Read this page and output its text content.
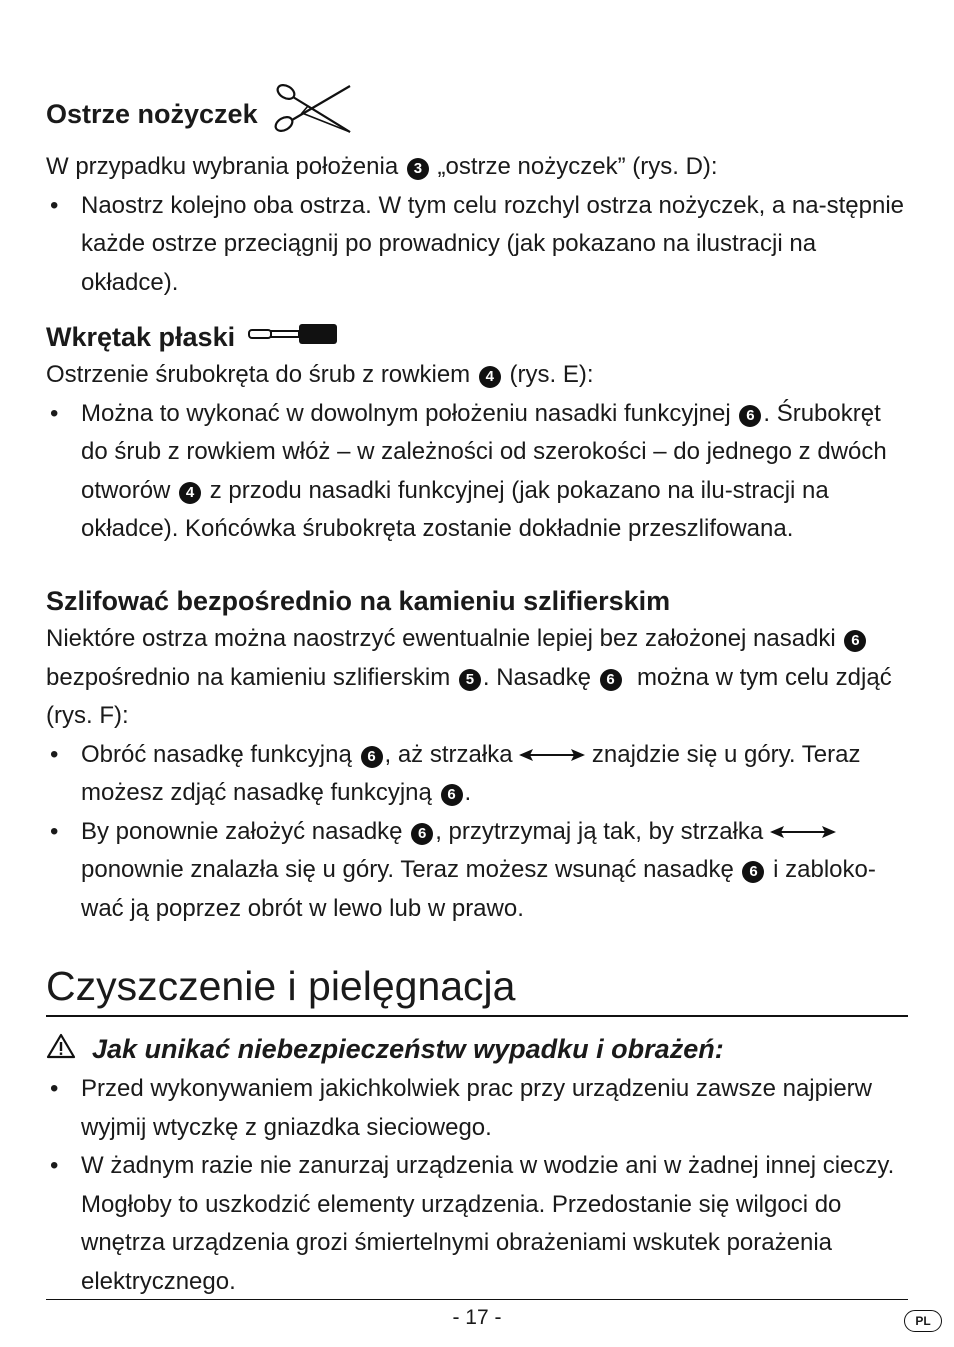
Ostrze nożyczek

W przypadku wybrania położenia 3 „ostrze nożyczek” (rys. D):

• Naostrz kolejno oba ostrza. W tym celu rozchyl ostrza nożyczek, a na-stępnie każde ostrze przeciągnij po prowadnicy (jak pokazano na ilustracji na okładce).
Wkrętak płaski

Ostrzenie śrubokręta do śrub z rowkiem 4 (rys. E):

• Można to wykonać w dowolnym położeniu nasadki funkcyjnej 6 . Śrubokręt do śrub z rowkiem włóż – w zależności od szerokości – do jednego z dwóch otworów 4 z przodu nasadki funkcyjnej (jak pokazano na ilu-stracji na okładce). Końcówka śrubokręta zostanie dokładnie przeszlifowana.
Szlifować bezpośrednio na kamieniu szlifierskim

Niektóre ostrza można naostrzyć ewentualnie lepiej bez założonej nasadki 6 bezpośrednio na kamieniu szlifierskim 5 . Nasadkę 6 można w tym celu zdjąć (rys. F):

• Obróć nasadkę funkcyjną 6 , aż strzałka	znajdzie się u góry. Teraz możesz zdjąć nasadkę funkcyjną 6 .
• By ponownie założyć nasadkę 6 , przytrzymaj ją tak, by strzałka  ponownie znalazła się u góry. Teraz możesz wsunąć nasadkę 6 i zabloko-wać ją poprzez obrót w lewo lub w prawo.
Czyszczenie i pielęgnacja
Jak unikać niebezpieczeństw wypadku i obrażeń:
• Przed wykonywaniem jakichkolwiek prac przy urządzeniu zawsze najpierw wyjmij wtyczkę z gniazdka sieciowego.
• W żadnym razie nie zanurzaj urządzenia w wodzie ani w żadnej innej cieczy. Mogłoby to uszkodzić elementy urządzenia. Przedostanie się wilgoci do wnętrza urządzenia grozi śmiertelnymi obrażeniami wskutek porażenia elektrycznego.
- 17 -	PL
